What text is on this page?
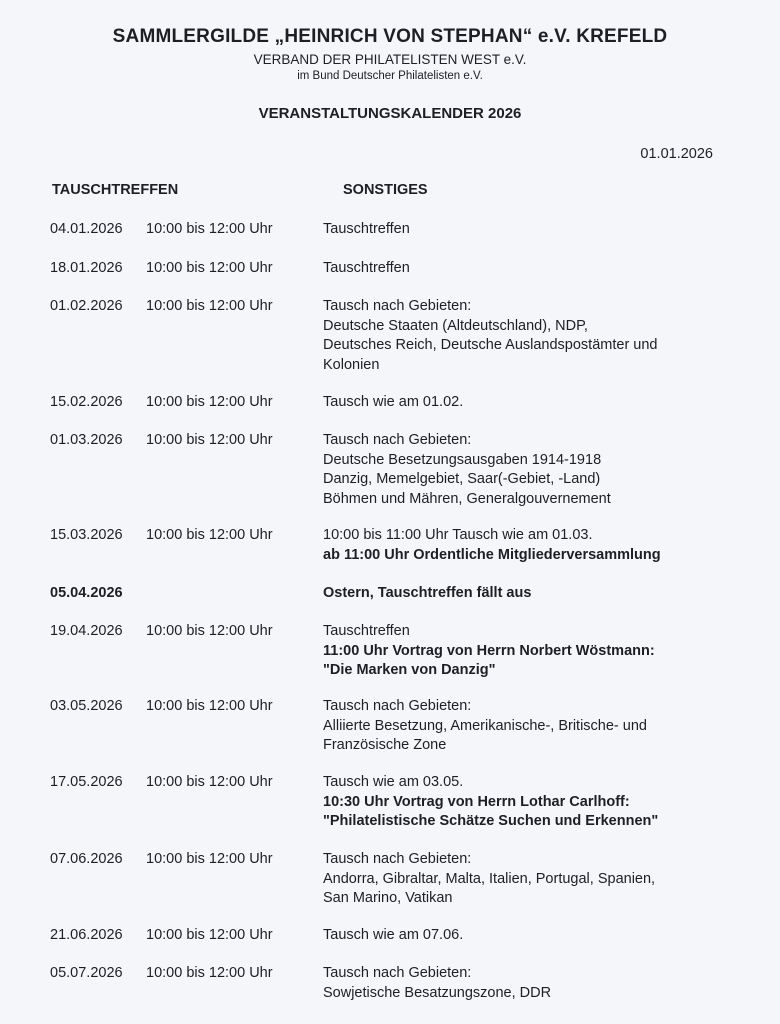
SAMMLERGILDE „HEINRICH VON STEPHAN“ e.V. KREFELD
VERBAND DER PHILATELISTEN WEST e.V.
im Bund Deutscher Philatelisten e.V.
VERANSTALTUNGSKALENDER 2026
01.01.2026
TAUSCHTREFFEN	SONSTIGES
04.01.2026 10:00 bis 12:00 Uhr	Tauschtreffen
18.01.2026 10:00 bis 12:00 Uhr	Tauschtreffen
01.02.2026 10:00 bis 12:00 Uhr	Tausch nach Gebieten:
Deutsche Staaten (Altdeutschland), NDP,
Deutsches Reich, Deutsche Auslandspostämter und
Kolonien
15.02.2026 10:00 bis 12:00 Uhr	Tausch wie am 01.02.
01.03.2026 10:00 bis 12:00 Uhr	Tausch nach Gebieten:
Deutsche Besetzungsausgaben 1914-1918
Danzig, Memelgebiet, Saar(-Gebiet, -Land)
Böhmen und Mähren, Generalgouvernement
15.03.2026 10:00 bis 12:00 Uhr	10:00 bis 11:00 Uhr Tausch wie am 01.03.
ab 11:00 Uhr Ordentliche Mitgliederversammlung
05.04.2026	Ostern, Tauschtreffen fällt aus
19.04.2026 10:00 bis 12:00 Uhr	Tauschtreffen
11:00 Uhr Vortrag von Herrn Norbert Wöstmann:
"Die Marken von Danzig"
03.05.2026 10:00 bis 12:00 Uhr	Tausch nach Gebieten:
Alliierte Besetzung, Amerikanische-, Britische- und
Französische Zone
17.05.2026 10:00 bis 12:00 Uhr	Tausch wie am 03.05.
10:30 Uhr Vortrag von Herrn Lothar Carlhoff:
"Philatelistische Schätze Suchen und Erkennen"
07.06.2026 10:00 bis 12:00 Uhr	Tausch nach Gebieten:
Andorra, Gibraltar, Malta, Italien, Portugal, Spanien,
San Marino, Vatikan
21.06.2026 10:00 bis 12:00 Uhr	Tausch wie am 07.06.
05.07.2026 10:00 bis 12:00 Uhr	Tausch nach Gebieten:
Sowjetische Besatzungszone, DDR
